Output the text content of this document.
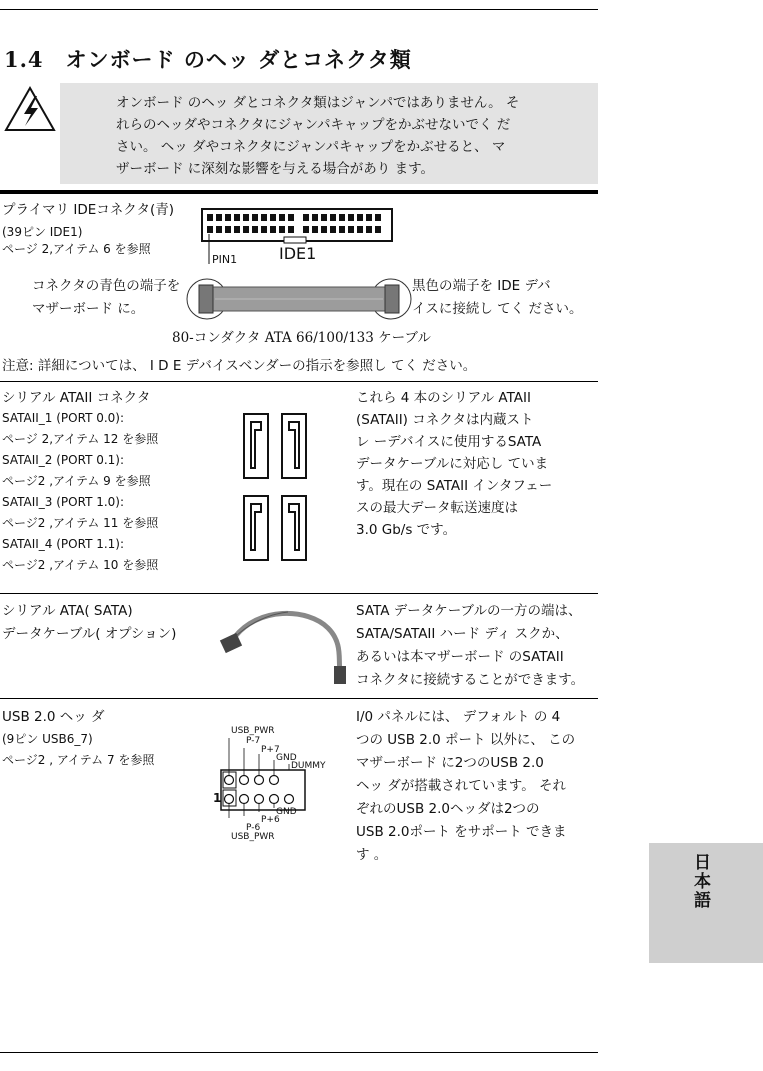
1.4　オンボード のヘッ ダとコネクタ類
オンボード のヘッ ダとコネクタ類はジャンパではありません。 そ
れらのヘッダやコネクタにジャンパキャップをかぶせないでく だ
さい。 ヘッ ダやコネクタにジャンパキャップをかぶせると、 マ
ザーボード に深刻な影響を与える場合があり ます。
プライマリ IDEコネクタ(青)
(39ピン IDE1)
ページ 2,アイテム 6 を参照
PIN1	IDE1
コネクタの青色の端子を
マザーボード に。
黒色の端子を IDE デバ
イスに接続し てく ださい。
80-コンダクタ ATA 66/100/133 ケーブル
注意: 詳細については、 I D E デバイスベンダーの指示を参照し てく ださい。
シリアル ATAII コネクタ
SATAII_1 (PORT 0.0):
ページ 2,アイテム 12 を参照
SATAII_2 (PORT 0.1):
ページ2 ,アイテム 9 を参照
SATAII_3 (PORT 1.0):
ページ2 ,アイテム 11 を参照
SATAII_4 (PORT 1.1):
ページ2 ,アイテム 10 を参照
これら 4 本のシリアル ATAII
(SATAII) コネクタは内蔵スト
レ ーデバイスに使用するSATA
データケーブルに対応し ていま
す。現在の SATAII インタフェー
スの最大データ転送速度は
3.0 Gb/s です。
シリアル ATA( SATA)
データケーブル( オプション)
SATA データケーブルの一方の端は、
SATA/SATAII ハード ディ スクか、
あるいは本マザーボード のSATAII
コネクタに接続することができます。
USB 2.0 ヘッ ダ
(9ピン USB6_7)
ページ2 , アイテム 7 を参照
USB_PWR
P-7
P+7
GND
DUMMY
1
GND
P+6
P-6
USB_PWR
I/0 パネルには、 デフォルト の 4
つの USB 2.0 ポート 以外に、 この
マザーボード に2つのUSB 2.0
ヘッ ダが搭載されています。 それ
ぞれのUSB 2.0ヘッダは2つの
USB 2.0ポート をサポート できま
す 。	日本語
